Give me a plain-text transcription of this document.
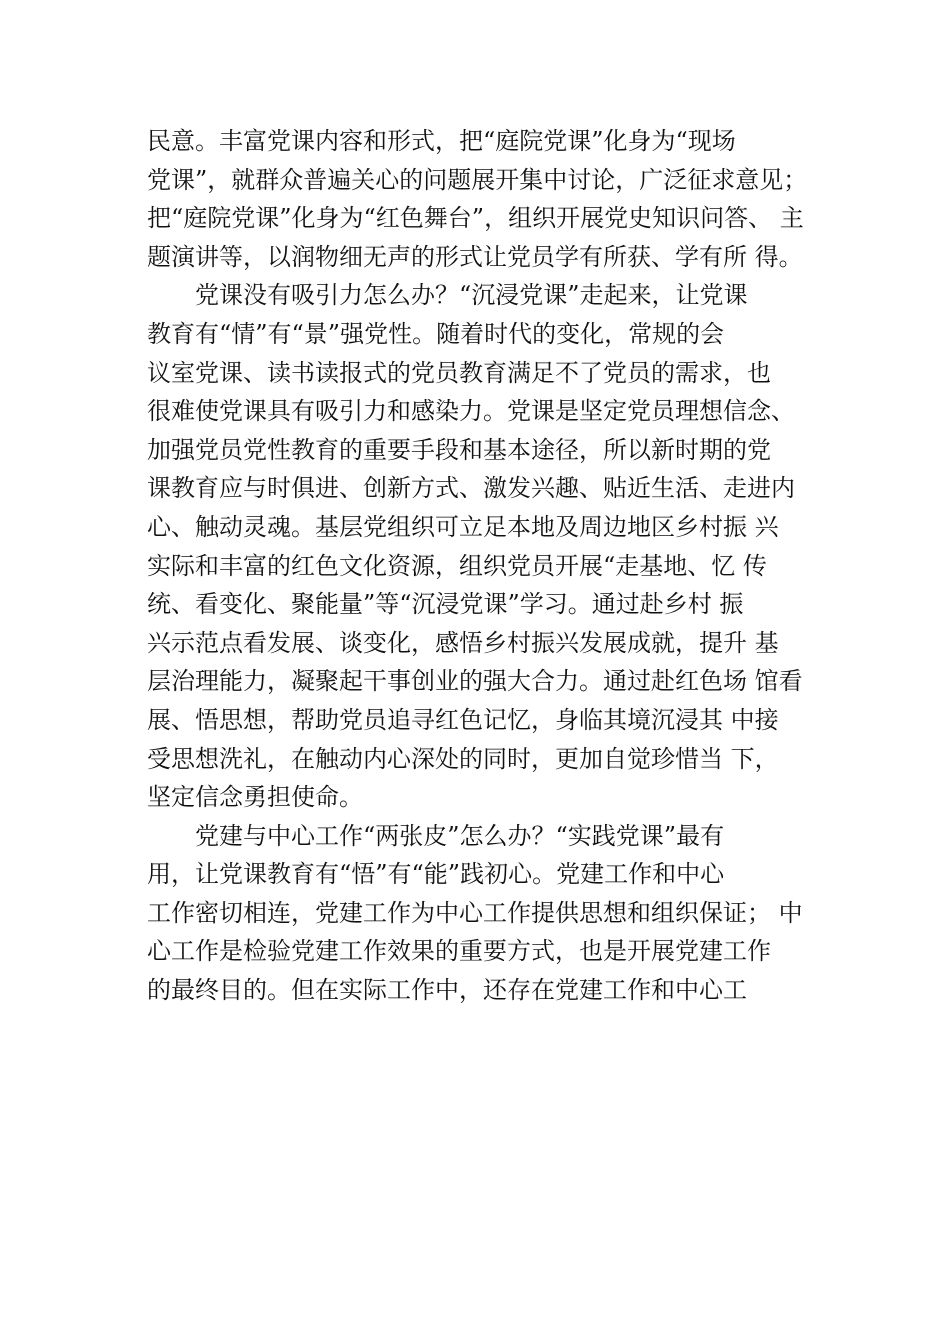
民意。丰富党课内容和形式，把“庭院党课”化身为“现场
党课”，就群众普遍关心的问题展开集中讨论，广泛征求意见；
把“庭院党课”化身为“红色舞台”，组织开展党史知识问答、 主
题演讲等，以润物细无声的形式让党员学有所获、学有所 得。
党课没有吸引力怎么办？“沉浸党课”走起来，让党课
教育有“情”有“景”强党性。随着时代的变化，常规的会
议室党课、读书读报式的党员教育满足不了党员的需求，也
很难使党课具有吸引力和感染力。党课是坚定党员理想信念、
加强党员党性教育的重要手段和基本途径，所以新时期的党
课教育应与时俱进、创新方式、激发兴趣、贴近生活、走进内
心、触动灵魂。基层党组织可立足本地及周边地区乡村振 兴
实际和丰富的红色文化资源，组织党员开展“走基地、忆 传
统、看变化、聚能量”等“沉浸党课”学习。通过赴乡村 振
兴示范点看发展、谈变化，感悟乡村振兴发展成就，提升 基
层治理能力，凝聚起干事创业的强大合力。通过赴红色场 馆看
展、悟思想，帮助党员追寻红色记忆，身临其境沉浸其 中接
受思想洗礼，在触动内心深处的同时，更加自觉珍惜当 下，
坚定信念勇担使命。
党建与中心工作“两张皮”怎么办？“实践党课”最有
用，让党课教育有“悟”有“能”践初心。党建工作和中心
工作密切相连，党建工作为中心工作提供思想和组织保证； 中
心工作是检验党建工作效果的重要方式，也是开展党建工作
的最终目的。但在实际工作中，还存在党建工作和中心工
